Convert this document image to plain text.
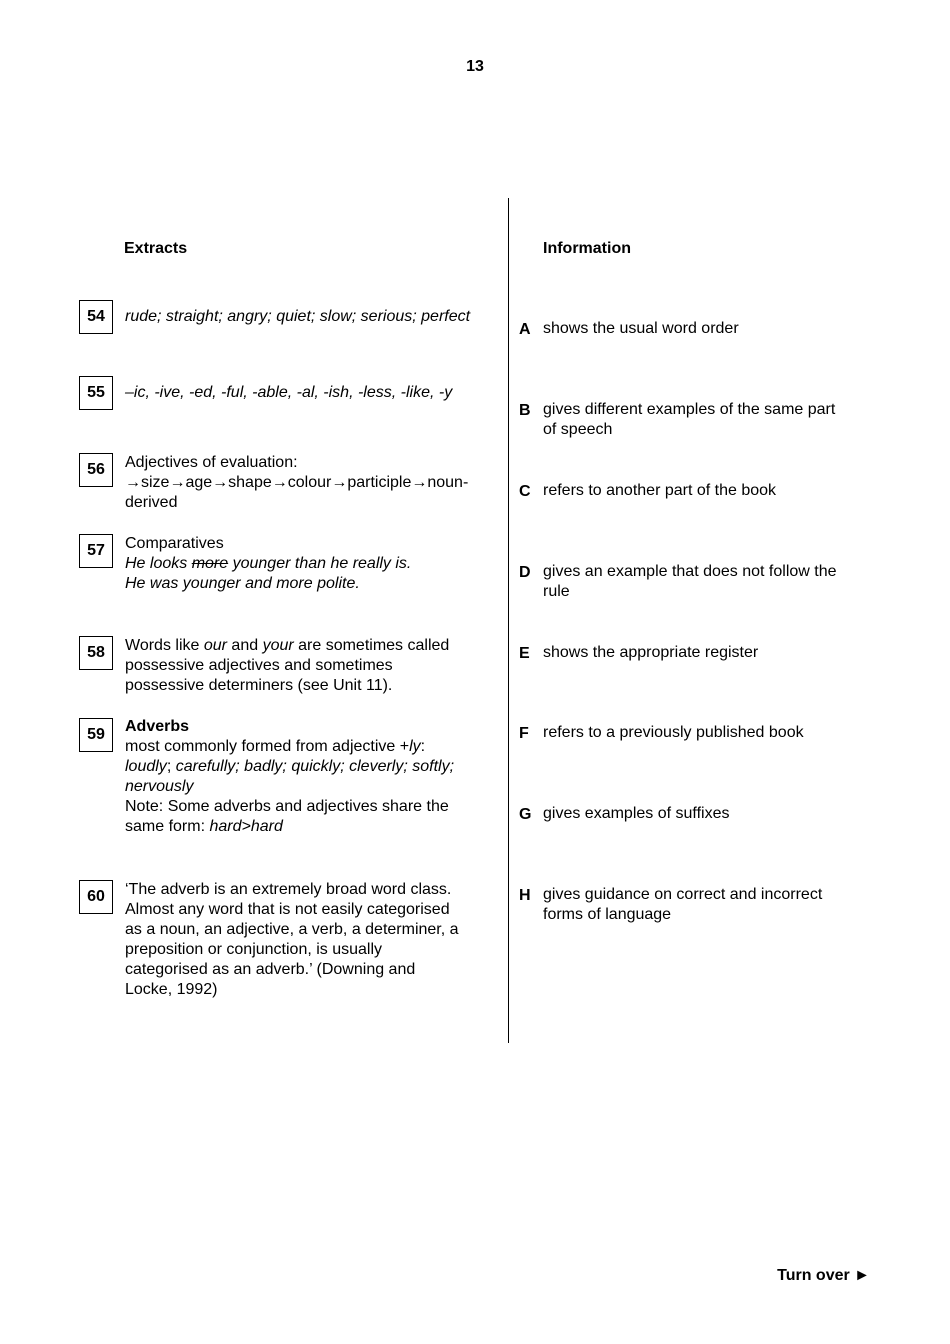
13
Extracts	Information
54	rude; straight; angry; quiet; slow; serious; perfect
55	–ic, -ive, -ed, -ful, -able, -al, -ish, -less, -like, -y
56	Adjectives of evaluation:
→size→age→shape→colour→participle→noun-
derived
57	Comparatives
He looks more younger than he really is.
He was younger and more polite.
58	Words like our and your are sometimes called
possessive adjectives and sometimes
possessive determiners (see Unit 11).
59	Adverbs
most commonly formed from adjective +ly:
loudly; carefully; badly; quickly; cleverly; softly;
nervously
Note: Some adverbs and adjectives share the
same form: hard>hard
60	‘The adverb is an extremely broad word class.
Almost any word that is not easily categorised
as a noun, an adjective, a verb, a determiner, a
preposition or conjunction, is usually
categorised as an adverb.’ (Downing and
Locke, 1992)
A shows the usual word order
B gives different examples of the same part
of speech
C refers to another part of the book
D gives an example that does not follow the
rule
E shows the appropriate register
F refers to a previously published book
G gives examples of suffixes
H gives guidance on correct and incorrect
forms of language
Turn over ►
